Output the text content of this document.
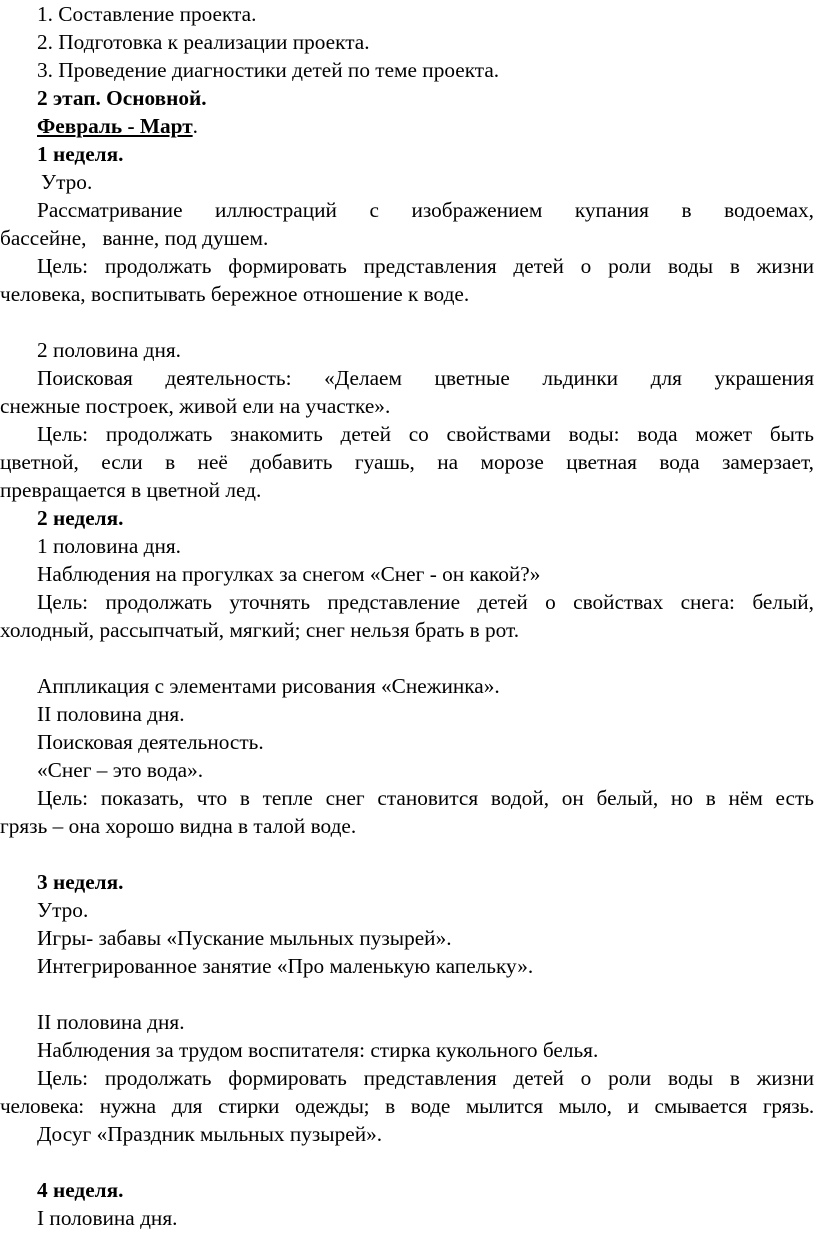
1. Составление проекта.
2. Подготовка к реализации проекта.
3. Проведение диагностики детей по теме проекта.
2 этап. Основной.
Февраль - Март.
1 неделя.
Утро.
Рассматривание иллюстраций с изображением купания в водоемах,
бассейне,   ванне, под душем.
Цель: продолжать формировать представления детей о роли воды в жизни
человека, воспитывать бережное отношение к воде.
2 половина дня.
Поисковая деятельность: «Делаем цветные льдинки для украшения
снежные построек, живой ели на участке».
Цель: продолжать знакомить детей со свойствами воды: вода может быть
цветной, если в неё добавить гуашь, на морозе цветная вода замерзает,
превращается в цветной лед.
2 неделя.
1 половина дня.
Наблюдения на прогулках за снегом «Снег - он какой?»
Цель: продолжать уточнять представление детей о свойствах снега: белый,
холодный, рассыпчатый, мягкий; снег нельзя брать в рот.
Аппликация с элементами рисования «Снежинка».
II половина дня.
Поисковая деятельность.
«Снег – это вода».
Цель: показать, что в тепле снег становится водой, он белый, но в нём есть
грязь – она хорошо видна в талой воде.
3 неделя.
Утро.
Игры- забавы «Пускание мыльных пузырей».
Интегрированное занятие «Про маленькую капельку».
II половина дня.
Наблюдения за трудом воспитателя: стирка кукольного белья.
Цель: продолжать формировать представления детей о роли воды в жизни
человека: нужна для стирки одежды; в воде мылится мыло, и смывается грязь.
Досуг «Праздник мыльных пузырей».
4 неделя.
I половина дня.
